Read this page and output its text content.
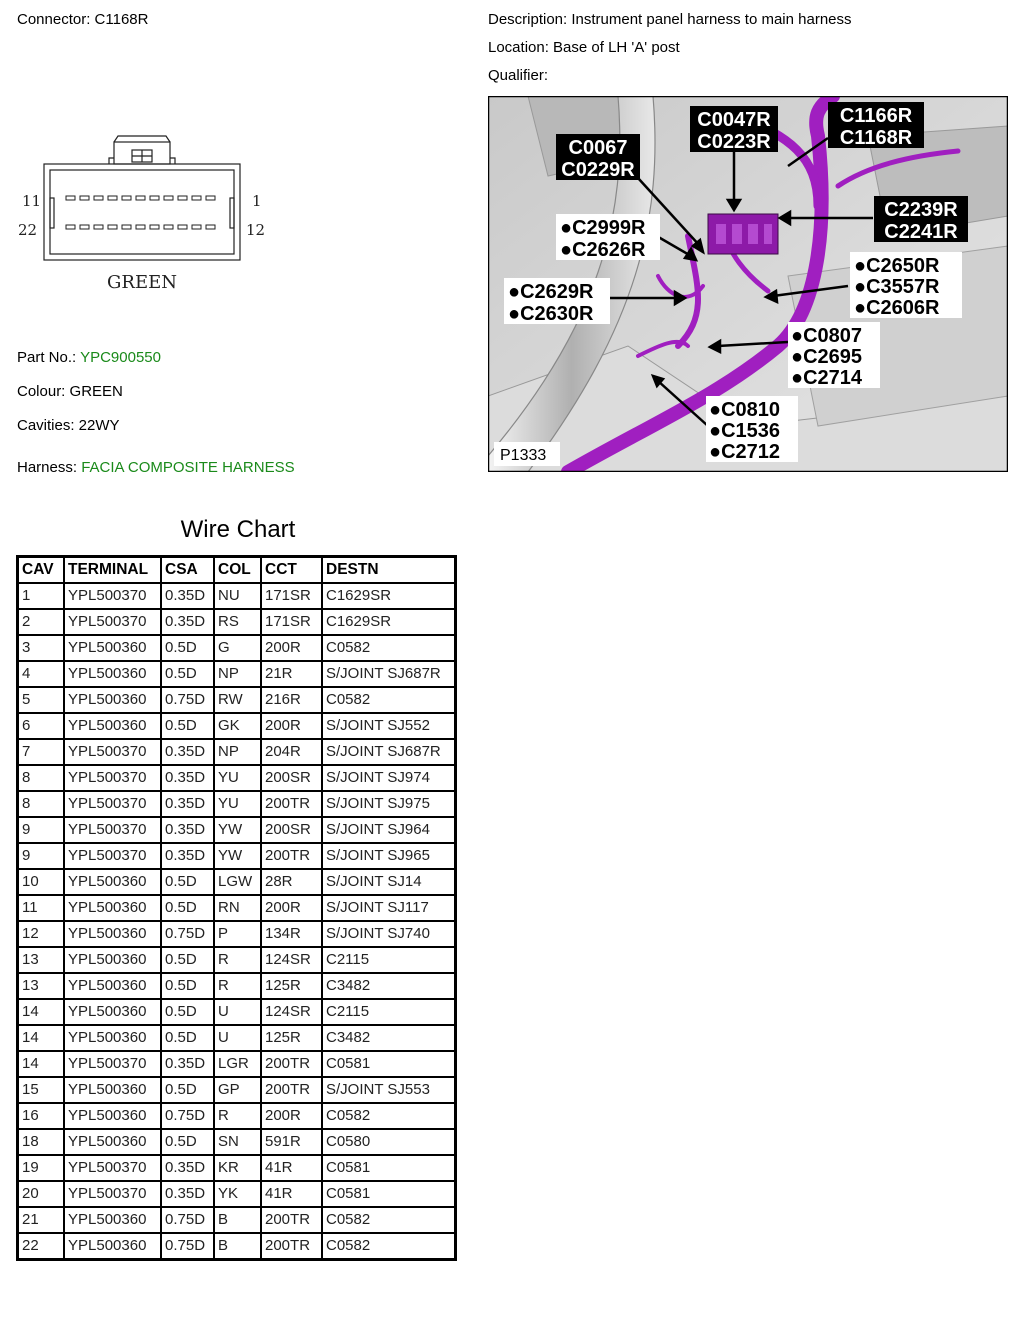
Connector: C1168R	Description: Instrument panel harness to main harness
Location: Base of LH 'A' post
Qualifier:
11	1
22	12
GREEN
Part No.: YPC900550
Colour: GREEN
Cavities: 22WY
Harness: FACIA COMPOSITE HARNESS
C0067
C0229R
C0047R
C0223R
C1166R
C1168R
C2239R
C2241R
●C2999R
●C2626R
●C2650R
●C3557R
●C2606R
●C2629R
●C2630R
●C0807
●C2695
●C2714
●C0810
●C1536
●C2712
P1333
Wire Chart
CAV	TERMINAL	CSA	COL	CCT	DESTN
1	YPL500370	0.35D	NU	171SR	C1629SR
2	YPL500370	0.35D	RS	171SR	C1629SR
3	YPL500360	0.5D	G	200R	C0582
4	YPL500360	0.5D	NP	21R	S/JOINT SJ687R
5	YPL500360	0.75D	RW	216R	C0582
6	YPL500360	0.5D	GK	200R	S/JOINT SJ552
7	YPL500370	0.35D	NP	204R	S/JOINT SJ687R
8	YPL500370	0.35D	YU	200SR	S/JOINT SJ974
8	YPL500370	0.35D	YU	200TR	S/JOINT SJ975
9	YPL500370	0.35D	YW	200SR	S/JOINT SJ964
9	YPL500370	0.35D	YW	200TR	S/JOINT SJ965
10	YPL500360	0.5D	LGW	28R	S/JOINT SJ14
11	YPL500360	0.5D	RN	200R	S/JOINT SJ117
12	YPL500360	0.75D	P	134R	S/JOINT SJ740
13	YPL500360	0.5D	R	124SR	C2115
13	YPL500360	0.5D	R	125R	C3482
14	YPL500360	0.5D	U	124SR	C2115
14	YPL500360	0.5D	U	125R	C3482
14	YPL500370	0.35D	LGR	200TR	C0581
15	YPL500360	0.5D	GP	200TR	S/JOINT SJ553
16	YPL500360	0.75D	R	200R	C0582
18	YPL500360	0.5D	SN	591R	C0580
19	YPL500370	0.35D	KR	41R	C0581
20	YPL500370	0.35D	YK	41R	C0581
21	YPL500360	0.75D	B	200TR	C0582
22	YPL500360	0.75D	B	200TR	C0582
